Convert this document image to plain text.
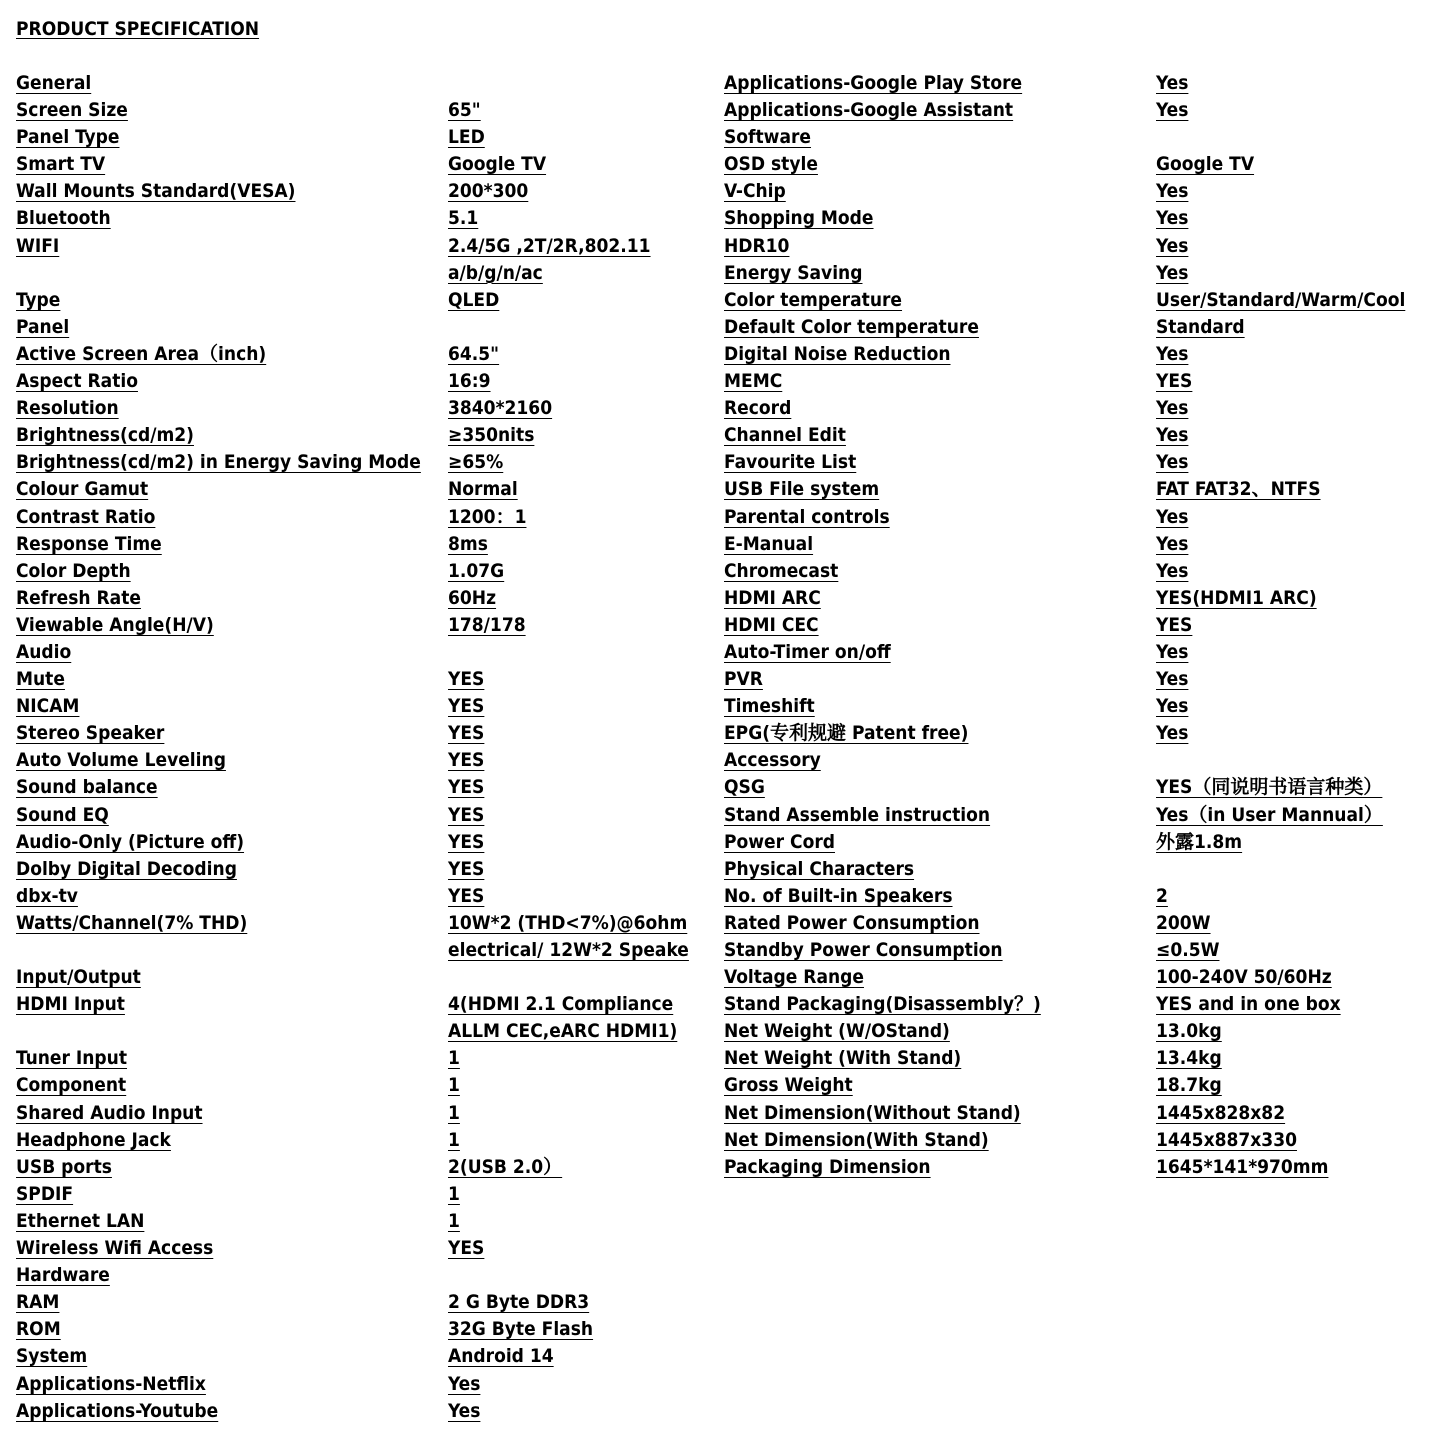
PRODUCT SPECIFICATION
General
Screen Size	65"
Panel Type	LED
Smart TV	Google TV
Wall Mounts Standard(VESA)	200*300
Bluetooth	5.1
WIFI	2.4/5G ,2T/2R,802.11
a/b/g/n/ac
Type	QLED
Panel
Active Screen Area（inch)	64.5"
Aspect Ratio	16:9
Resolution	3840*2160
Brightness(cd/m2)	≥350nits
Brightness(cd/m2) in Energy Saving Mode ≥65%
Colour Gamut	Normal
Contrast Ratio	1200：1
Response Time	8ms
Color Depth	1.07G
Refresh Rate	60Hz
Viewable Angle(H/V)	178/178
Audio
Mute	YES
NICAM	YES
Stereo Speaker	YES
Auto Volume Leveling	YES
Sound balance	YES
Sound EQ	YES
Audio-Only (Picture off)	YES
Dolby Digital Decoding	YES
dbx-tv	YES
Watts/Channel(7% THD)	10W*2 (THD<7%)@6ohm
electrical/ 12W*2 Speake
Input/Output
HDMI Input	4(HDMI 2.1 Compliance
ALLM CEC,eARC HDMI1)
Tuner Input	1
Component	1
Shared Audio Input	1
Headphone Jack	1
USB ports	2(USB 2.0）
SPDIF	1
Ethernet LAN	1
Wireless Wifi Access	YES
Hardware
RAM	2 G Byte DDR3
ROM	32G Byte Flash
System	Android 14
Applications-Netflix	Yes
Applications-Youtube	Yes
Applications-Google Play Store	Yes
Applications-Google Assistant	Yes
Software
OSD style	Google TV
V-Chip	Yes
Shopping Mode	Yes
HDR10	Yes
Energy Saving	Yes
Color temperature	User/Standard/Warm/Cool
Default Color temperature	Standard
Digital Noise Reduction	Yes
MEMC	YES
Record	Yes
Channel Edit	Yes
Favourite List	Yes
USB File system	FAT FAT32、NTFS
Parental controls	Yes
E-Manual	Yes
Chromecast	Yes
HDMI ARC	YES(HDMI1 ARC)
HDMI CEC	YES
Auto-Timer on/off	Yes
PVR	Yes
Timeshift	Yes
EPG(专利规避 Patent free)	Yes
Accessory
QSG	YES（同说明书语言种类）
Stand Assemble instruction	Yes（in User Mannual）
Power Cord	外露1.8m
Physical Characters
No. of Built-in Speakers	2
Rated Power Consumption	200W
Standby Power Consumption	≤0.5W
Voltage Range	100-240V 50/60Hz
Stand Packaging(Disassembly？)	YES and in one box
Net Weight (W/OStand)	13.0kg
Net Weight (With Stand)	13.4kg
Gross Weight	18.7kg
Net Dimension(Without Stand)	1445x828x82
Net Dimension(With Stand)	1445x887x330
Packaging Dimension	1645*141*970mm
